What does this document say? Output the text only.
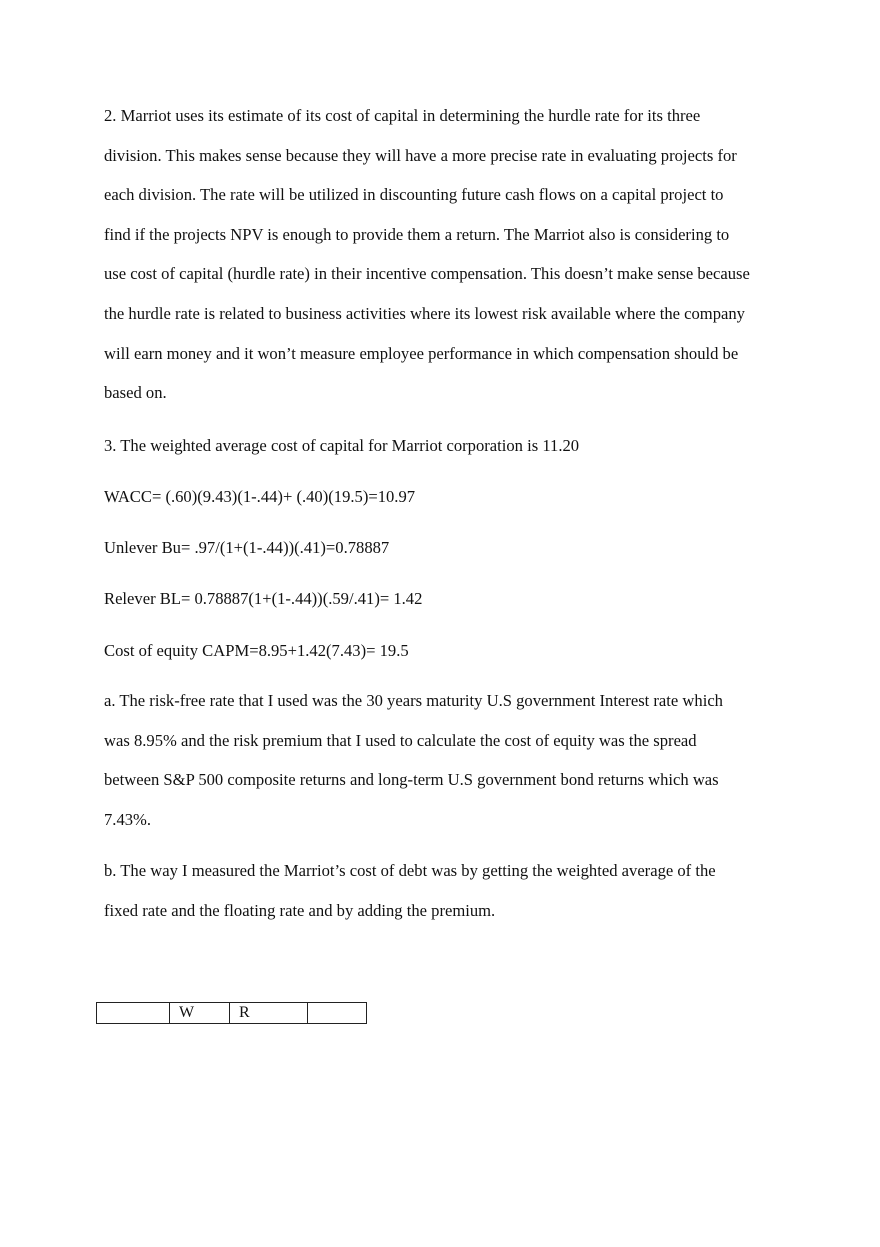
2. Marriot uses its estimate of its cost of capital in determining the hurdle rate for its three
division. This makes sense because they will have a more precise rate in evaluating projects for
each division. The rate will be utilized in discounting future cash flows on a capital project to
find if the projects NPV is enough to provide them a return. The Marriot also is considering to
use cost of capital (hurdle rate) in their incentive compensation. This doesn’t make sense because
the hurdle rate is related to business activities where its lowest risk available where the company
will earn money and it won’t measure employee performance in which compensation should be
based on.
3. The weighted average cost of capital for Marriot corporation is 11.20
WACC= (.60)(9.43)(1-.44)+ (.40)(19.5)=10.97
Unlever Bu= .97/(1+(1-.44))(.41)=0.78887
Relever BL= 0.78887(1+(1-.44))(.59/.41)= 1.42
Cost of equity CAPM=8.95+1.42(7.43)= 19.5
a. The risk-free rate that I used was the 30 years maturity U.S government Interest rate which
was 8.95% and the risk premium that I used to calculate the cost of equity was the spread
between S&P 500 composite returns and long-term U.S government bond returns which was
7.43%.
b. The way I measured the Marriot’s cost of debt was by getting the weighted average of the
fixed rate and the floating rate and by adding the premium.
	W	R	
